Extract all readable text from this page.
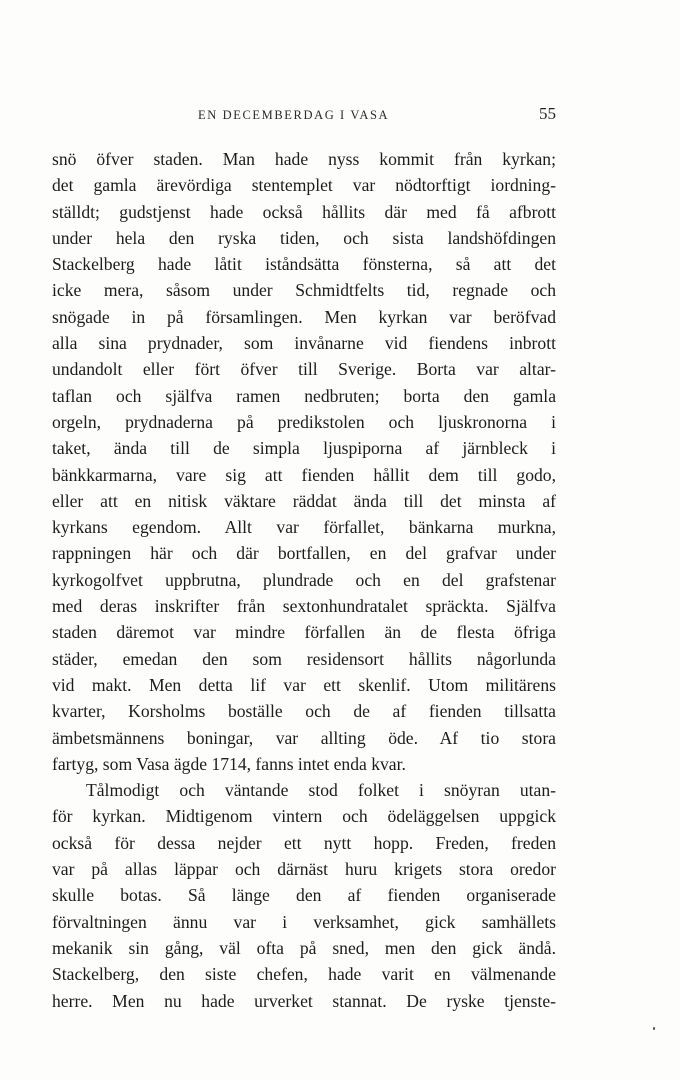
EN DECEMBERDAG I VASA	55
snö öfver staden. Man hade nyss kommit från kyrkan;
det gamla ärevördiga stentemplet var nödtorftigt iordning-
ställdt; gudstjenst hade också hållits där med få afbrott
under hela den ryska tiden, och sista landshöfdingen
Stackelberg hade låtit iståndsätta fönsterna, så att det
icke mera, såsom under Schmidtfelts tid, regnade och
snögade in på församlingen. Men kyrkan var beröfvad
alla sina prydnader, som invånarne vid fiendens inbrott
undandolt eller fört öfver till Sverige. Borta var altar-
taflan och själfva ramen nedbruten; borta den gamla
orgeln, prydnaderna på predikstolen och ljuskronorna i
taket, ända till de simpla ljuspiporna af järnbleck i
bänkkarmarna, vare sig att fienden hållit dem till godo,
eller att en nitisk väktare räddat ända till det minsta af
kyrkans egendom. Allt var förfallet, bänkarna murkna,
rappningen här och där bortfallen, en del grafvar under
kyrkogolfvet uppbrutna, plundrade och en del grafstenar
med deras inskrifter från sextonhundratalet spräckta. Själfva
staden däremot var mindre förfallen än de flesta öfriga
städer, emedan den som residensort hållits någorlunda
vid makt. Men detta lif var ett skenlif. Utom militärens
kvarter, Korsholms boställe och de af fienden tillsatta
ämbetsmännens boningar, var allting öde. Af tio stora
fartyg, som Vasa ägde 1714, fanns intet enda kvar.
Tålmodigt och väntande stod folket i snöyran utan-
för kyrkan. Midtigenom vintern och ödeläggelsen uppgick
också för dessa nejder ett nytt hopp. Freden, freden
var på allas läppar och därnäst huru krigets stora oredor
skulle botas. Så länge den af fienden organiserade
förvaltningen ännu var i verksamhet, gick samhällets
mekanik sin gång, väl ofta på sned, men den gick ändå.
Stackelberg, den siste chefen, hade varit en välmenande
herre. Men nu hade urverket stannat. De ryske tjenste-
